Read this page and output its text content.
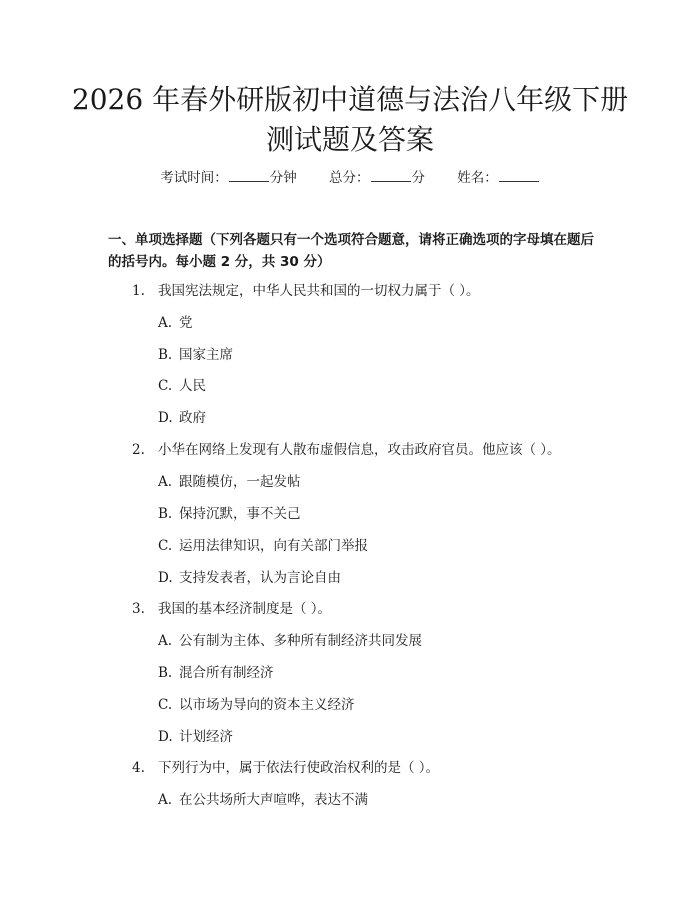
2026 年春外研版初中道德与法治八年级下册
测试题及答案
考试时间：	分钟 总分：	分 姓名：
一、单项选择题（下列各题只有一个选项符合题意，请将正确选项的字母填在题后的括号内。每小题 2 分，共 30 分）
1. 我国宪法规定，中华人民共和国的一切权力属于（ ）。
A. 党
B. 国家主席
C. 人民
D. 政府
2. 小华在网络上发现有人散布虚假信息，攻击政府官员。他应该（ ）。
A. 跟随模仿，一起发帖
B. 保持沉默，事不关己
C. 运用法律知识，向有关部门举报
D. 支持发表者，认为言论自由
3. 我国的基本经济制度是（ ）。
A. 公有制为主体、多种所有制经济共同发展
B. 混合所有制经济
C. 以市场为导向的资本主义经济
D. 计划经济
4. 下列行为中，属于依法行使政治权利的是（ ）。
A. 在公共场所大声喧哗，表达不满
